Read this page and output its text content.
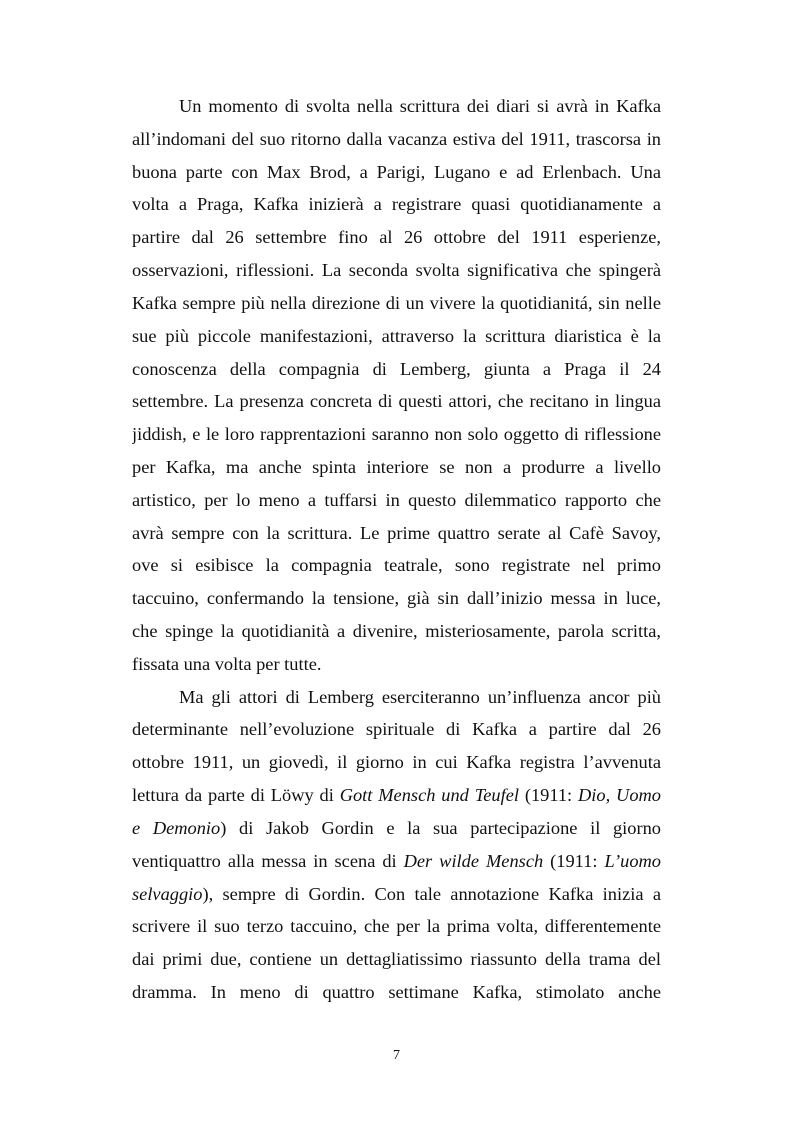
Un momento di svolta nella scrittura dei diari si avrà in Kafka
all’indomani del suo ritorno dalla vacanza estiva del 1911, trascorsa in
buona parte con Max Brod, a Parigi, Lugano e ad Erlenbach. Una
volta a Praga, Kafka inizierà a registrare quasi quotidianamente a
partire dal 26 settembre fino al 26 ottobre del 1911 esperienze,
osservazioni, riflessioni. La seconda svolta significativa che spingerà
Kafka sempre più nella direzione di un vivere la quotidianitá, sin nelle
sue più piccole manifestazioni, attraverso la scrittura diaristica è la
conoscenza della compagnia di Lemberg, giunta a Praga il 24
settembre. La presenza concreta di questi attori, che recitano in lingua
jiddish, e le loro rapprentazioni saranno non solo oggetto di riflessione
per Kafka, ma anche spinta interiore se non a produrre a livello
artistico, per lo meno a tuffarsi in questo dilemmatico rapporto che
avrà sempre con la scrittura. Le prime quattro serate al Cafè Savoy,
ove si esibisce la compagnia teatrale, sono registrate nel primo
taccuino, confermando la tensione, già sin dall’inizio messa in luce,
che spinge la quotidianità a divenire, misteriosamente, parola scritta,
fissata una volta per tutte.
Ma gli attori di Lemberg eserciteranno un’influenza ancor più
determinante nell’evoluzione spirituale di Kafka a partire dal 26
ottobre 1911, un giovedì, il giorno in cui Kafka registra l’avvenuta
lettura da parte di Löwy di Gott Mensch und Teufel (1911: Dio, Uomo
e Demonio) di Jakob Gordin e la sua partecipazione il giorno
ventiquattro alla messa in scena di Der wilde Mensch (1911: L’uomo
selvaggio), sempre di Gordin. Con tale annotazione Kafka inizia a
scrivere il suo terzo taccuino, che per la prima volta, differentemente
dai primi due, contiene un dettagliatissimo riassunto della trama del
dramma. In meno di quattro settimane Kafka, stimolato anche
7
